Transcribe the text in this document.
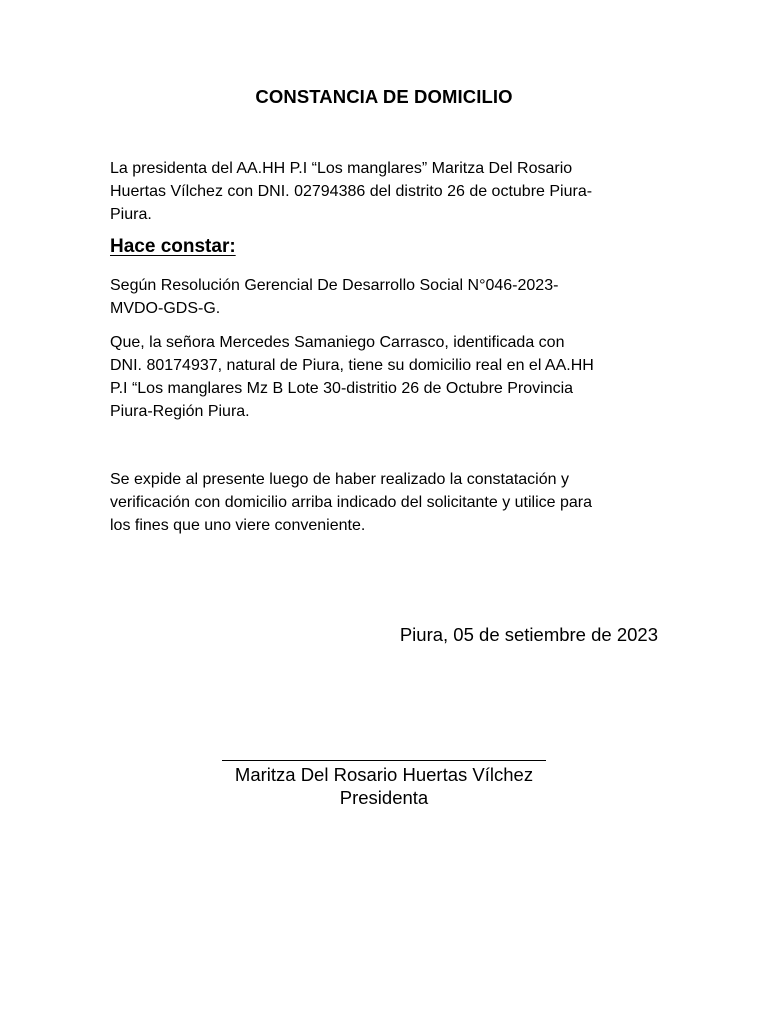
CONSTANCIA DE DOMICILIO
La presidenta del AA.HH P.I “Los manglares” Maritza Del Rosario
Huertas Vílchez con DNI. 02794386 del distrito 26 de octubre Piura-
Piura.
Hace constar:
Según Resolución Gerencial De Desarrollo Social N°046-2023-
MVDO-GDS-G.
Que, la señora Mercedes Samaniego Carrasco, identificada con
DNI. 80174937, natural de Piura, tiene su domicilio real en el AA.HH
P.I “Los manglares Mz B Lote 30-distritio 26 de Octubre Provincia
Piura-Región Piura.
Se expide al presente luego de haber realizado la constatación y
verificación con domicilio arriba indicado del solicitante y utilice para
los fines que uno viere conveniente.
Piura, 05 de setiembre de 2023
Maritza Del Rosario Huertas Vílchez
Presidenta
